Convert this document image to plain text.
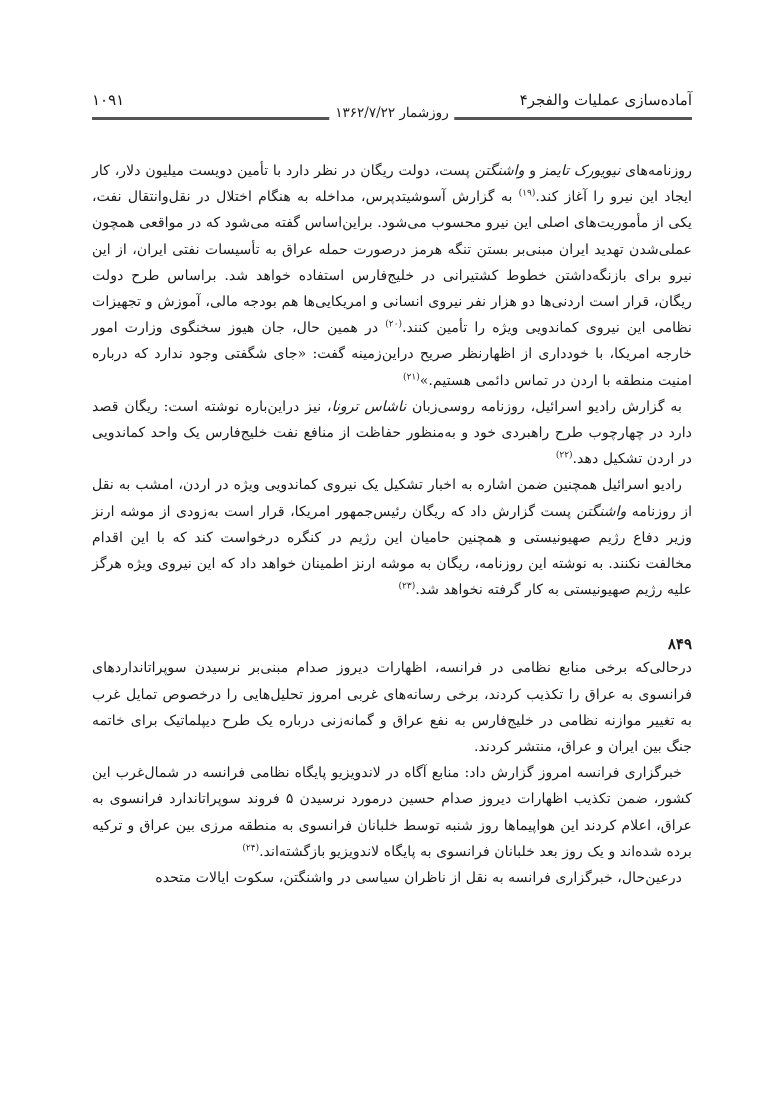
آماده‌سازی عملیات والفجر۴
۱۰۹۱
روزشمار ۱۳۶۲/۷/۲۲

روزنامه‌های نیویورک تایمز و واشنگتن پست، دولت ریگان در نظر دارد با تأمین دویست میلیون دلار، کار ایجاد این نیرو را آغاز کند.$^{(۱۹)}$ به گزارش آسوشیتدپرس، مداخله به هنگام اختلال در نقل‌وانتقال نفت، یکی از مأموریت‌های اصلی این نیرو محسوب می‌شود. براین‌اساس گفته می‌شود که در مواقعی همچون عملی‌شدن تهدید ایران مبنی‌بر بستن تنگه هرمز درصورت حمله عراق به تأسیسات نفتی ایران، از این نیرو برای بازنگه‌داشتن خطوط کشتیرانی در خلیج‌فارس استفاده خواهد شد. براساس طرح دولت ریگان، قرار است اردنی‌ها دو هزار نفر نیروی انسانی و امریکایی‌ها هم بودجه مالی، آموزش و تجهیزات نظامی این نیروی کماندویی ویژه را تأمین کنند.$^{(۲۰)}$ در همین حال، جان هیوز سخنگوی وزارت امور خارجه امریکا، با خودداری از اظهارنظر صریح دراین‌زمینه گفت: «جای شگفتی وجود ندارد که درباره امنیت منطقه با اردن در تماس دائمی هستیم.»$^{(۲۱)}$

به گزارش رادیو اسرائیل، روزنامه روسی‌زبان ناشاس ترونا، نیز دراین‌باره نوشته است: ریگان قصد دارد در چهارچوب طرح راهبردی خود و به‌منظور حفاظت از منافع نفت خلیج‌فارس یک واحد کماندویی در اردن تشکیل دهد.$^{(۲۲)}$

رادیو اسرائیل همچنین ضمن اشاره به اخبار تشکیل یک نیروی کماندویی ویژه در اردن، امشب به نقل از روزنامه واشنگتن پست گزارش داد که ریگان رئیس‌جمهور امریکا، قرار است به‌زودی از موشه ارنز وزیر دفاع رژیم صهیونیستی و همچنین حامیان این رژیم در کنگره درخواست کند که با این اقدام مخالفت نکنند. به نوشته این روزنامه، ریگان به موشه ارنز اطمینان خواهد داد که این نیروی ویژه هرگز علیه رژیم صهیونیستی به کار گرفته نخواهد شد.$^{(۲۳)}$

۸۴۹

درحالی‌که برخی منابع نظامی در فرانسه، اظهارات دیروز صدام مبنی‌بر نرسیدن سوپراتانداردهای فرانسوی به عراق را تکذیب کردند، برخی رسانه‌های غربی امروز تحلیل‌هایی را درخصوص تمایل غرب به تغییر موازنه نظامی در خلیج‌فارس به نفع عراق و گمانه‌زنی درباره یک طرح دیپلماتیک برای خاتمه جنگ بین ایران و عراق، منتشر کردند.

خبرگزاری فرانسه امروز گزارش داد: منابع آگاه در لاندویزیو پایگاه نظامی فرانسه در شمال‌غرب این کشور، ضمن تکذیب اظهارات دیروز صدام حسین درمورد نرسیدن ۵ فروند سوپراتاندارد فرانسوی به عراق، اعلام کردند این هواپیماها روز شنبه توسط خلبانان فرانسوی به منطقه مرزی بین عراق و ترکیه برده شده‌اند و یک روز بعد خلبانان فرانسوی به پایگاه لاندویزیو بازگشته‌اند.$^{(۲۴)}$

درعین‌حال، خبرگزاری فرانسه به نقل از ناظران سیاسی در واشنگتن، سکوت ایالات متحده
